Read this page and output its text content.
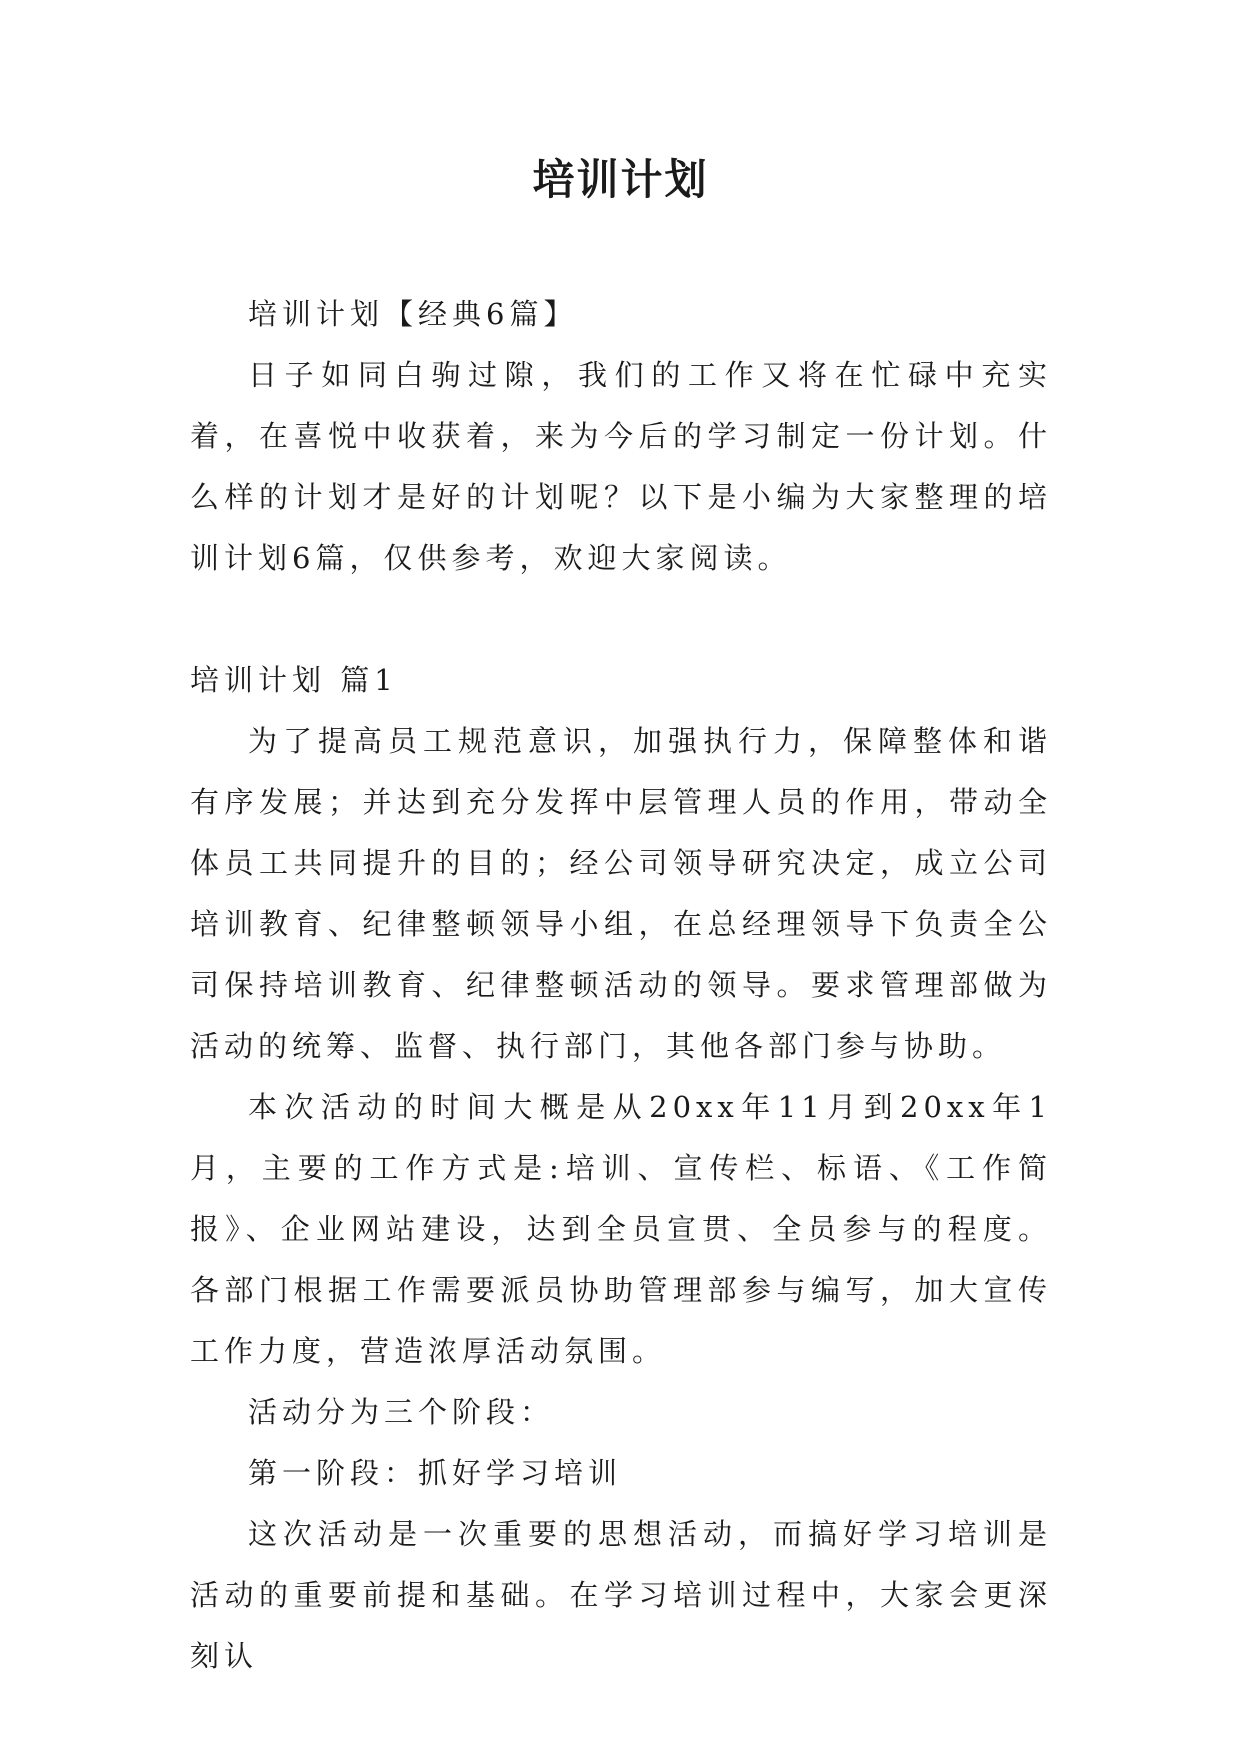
培训计划

培训计划【经典6篇】

日子如同白驹过隙，我们的工作又将在忙碌中充实着，在喜悦中收获着，来为今后的学习制定一份计划。什么样的计划才是好的计划呢？以下是小编为大家整理的培训计划6篇，仅供参考，欢迎大家阅读。

培训计划 篇1

为了提高员工规范意识，加强执行力，保障整体和谐有序发展；并达到充分发挥中层管理人员的作用，带动全体员工共同提升的目的；经公司领导研究决定，成立公司培训教育、纪律整顿领导小组，在总经理领导下负责全公司保持培训教育、纪律整顿活动的领导。要求管理部做为活动的统筹、监督、执行部门，其他各部门参与协助。

本次活动的时间大概是从20xx年11月到20xx年1月，主要的工作方式是:培训、宣传栏、标语、《工作简报》、企业网站建设，达到全员宣贯、全员参与的程度。各部门根据工作需要派员协助管理部参与编写，加大宣传工作力度，营造浓厚活动氛围。

活动分为三个阶段：

第一阶段：抓好学习培训

这次活动是一次重要的思想活动，而搞好学习培训是活动的重要前提和基础。在学习培训过程中，大家会更深刻认
